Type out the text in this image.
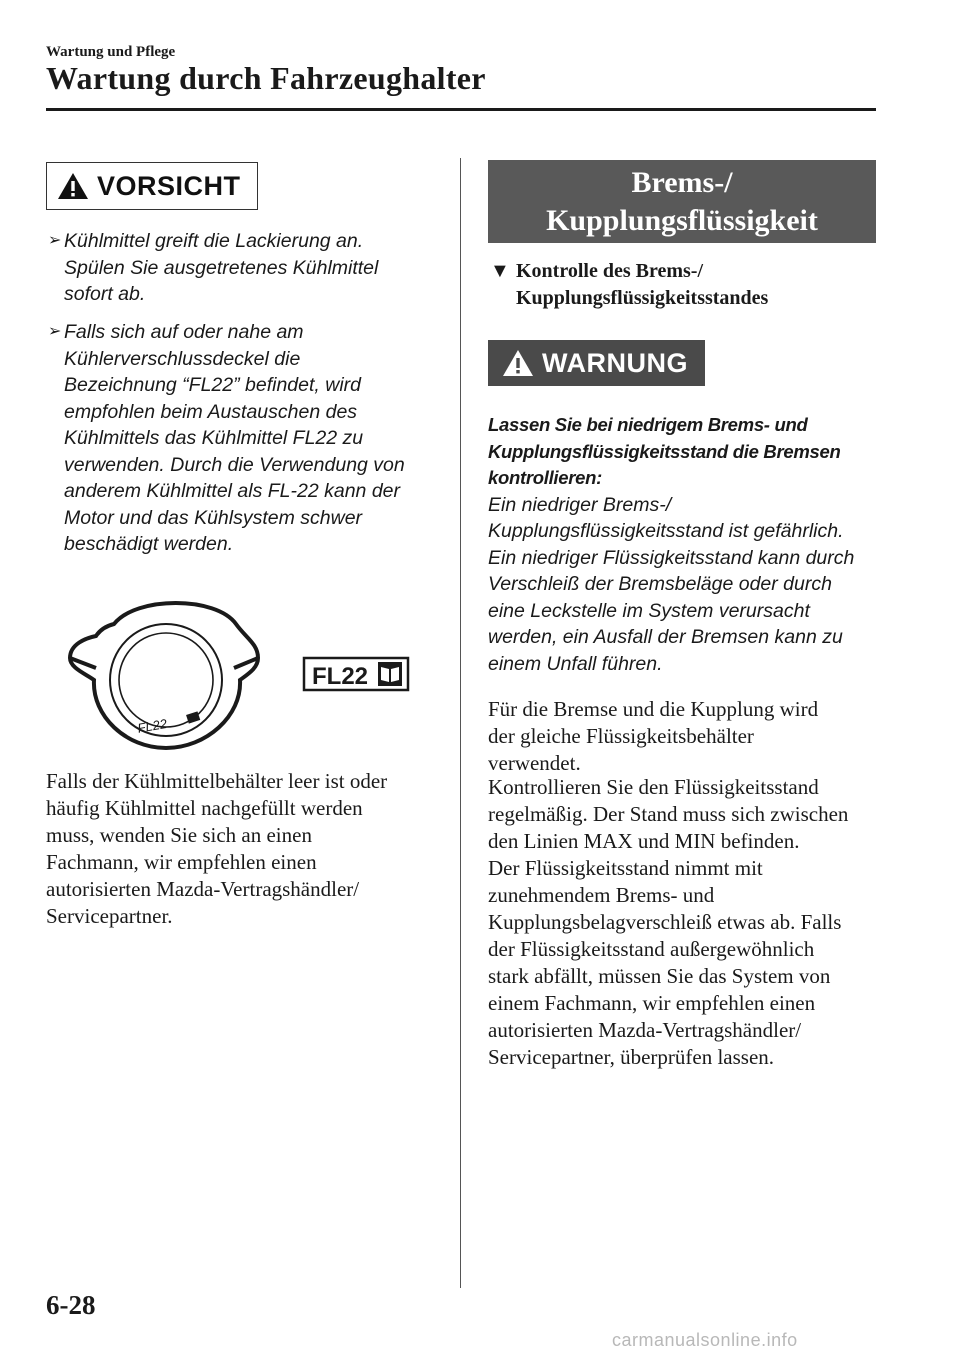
Wartung und Pflege
Wartung durch Fahrzeughalter
VORSICHT
➢ Kühlmittel greift die Lackierung an.
Spülen Sie ausgetretenes Kühlmittel
sofort ab.
➢ Falls sich auf oder nahe am
Kühlerverschlussdeckel die
Bezeichnung “FL22” befindet, wird
empfohlen beim Austauschen des
Kühlmittels das Kühlmittel FL22 zu
verwenden. Durch die Verwendung von
anderem Kühlmittel als FL-22 kann der
Motor und das Kühlsystem schwer
beschädigt werden.
FL22
FL22
Falls der Kühlmittelbehälter leer ist oder
häufig Kühlmittel nachgefüllt werden
muss, wenden Sie sich an einen
Fachmann, wir empfehlen einen
autorisierten Mazda-Vertragshändler/
Servicepartner.
Brems-/
Kupplungsflüssigkeit
▼ Kontrolle des Brems-/
Kupplungsflüssigkeitsstandes
WARNUNG
Lassen Sie bei niedrigem Brems- und
Kupplungsflüssigkeitsstand die Bremsen
kontrollieren:
Ein niedriger Brems-/
Kupplungsflüssigkeitsstand ist gefährlich.
Ein niedriger Flüssigkeitsstand kann durch
Verschleiß der Bremsbeläge oder durch
eine Leckstelle im System verursacht
werden, ein Ausfall der Bremsen kann zu
einem Unfall führen.
Für die Bremse und die Kupplung wird
der gleiche Flüssigkeitsbehälter
verwendet.
Kontrollieren Sie den Flüssigkeitsstand
regelmäßig. Der Stand muss sich zwischen
den Linien MAX und MIN befinden.
Der Flüssigkeitsstand nimmt mit
zunehmendem Brems- und
Kupplungsbelagverschleiß etwas ab. Falls
der Flüssigkeitsstand außergewöhnlich
stark abfällt, müssen Sie das System von
einem Fachmann, wir empfehlen einen
autorisierten Mazda-Vertragshändler/
Servicepartner, überprüfen lassen.
6-28
carmanualsonline.info
